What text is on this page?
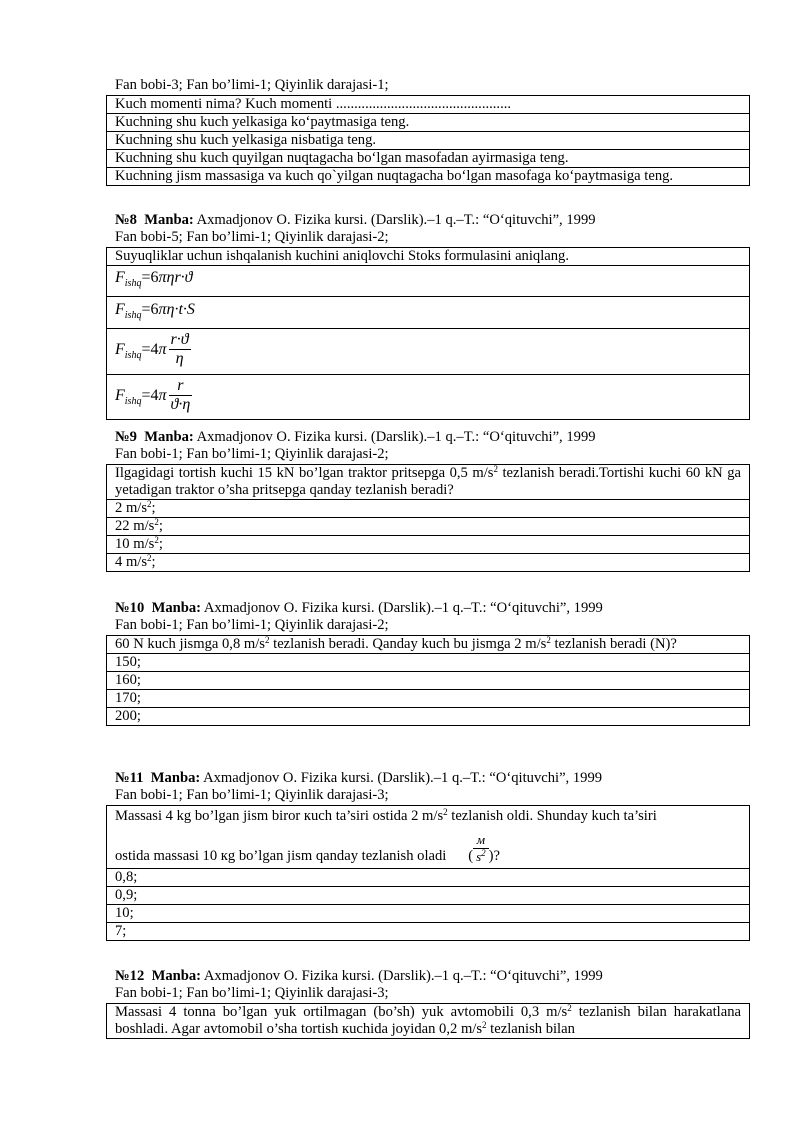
Fan bobi-3; Fan bo’limi-1; Qiyinlik darajasi-1;
Kuch momenti nima? Kuch momenti ................................................
Kuchning shu kuch yelkasiga ko‘paytmasiga teng.
Kuchning shu kuch yelkasiga nisbatiga teng.
Kuchning shu kuch quyilgan nuqtagacha bo‘lgan masofadan ayirmasiga teng.
Kuchning jism massasiga va kuch qo`yilgan nuqtagacha bo‘lgan masofaga ko‘paytmasiga teng.
№8 Manba: Axmadjonov O. Fizika kursi. (Darslik).–1 q.–T.: “O‘qituvchi”, 1999
Fan bobi-5; Fan bo’limi-1; Qiyinlik darajasi-2;
Suyuqliklar uchun ishqalanish kuchini aniqlovchi Stoks formulasini aniqlang.
$F_{ishq}=6\pi\eta r\cdot ϑ$
$F_{ishq}=6\pi\eta\cdot t\cdot S$
$F_{ishq}=4\pi \frac{r\cdot ϑ}{\eta}$

$F_{ishq}=4\pi \frac{r}{ϑ\cdot\eta}$
№9 Manba: Axmadjonov O. Fizika kursi. (Darslik).–1 q.–T.: “O‘qituvchi”, 1999
Fan bobi-1; Fan bo’limi-1; Qiyinlik darajasi-2;
Ilgagidagi tortish kuchi 15 kN bo’lgan traktor pritsepga 0,5 $m/s^2$ tezlanish beradi.Tortishi kuchi 60 kN ga yetadigan traktor o’sha pritsepga qanday tezlanish beradi?
2 $m/s^2$;
22 $m/s^2$;
10 $m/s^2$;
4 $m/s^2$;
№10 Manba: Axmadjonov O. Fizika kursi. (Darslik).–1 q.–T.: “O‘qituvchi”, 1999
Fan bobi-1; Fan bo’limi-1; Qiyinlik darajasi-2;
60 N kuch jismga 0,8 $m/s^2$ tezlanish beradi. Qanday kuch bu jismga 2 $m/s^2$ tezlanish beradi (N)?
150;
160;
170;
200;
№11 Manba: Axmadjonov O. Fizika kursi. (Darslik).–1 q.–T.: “O‘qituvchi”, 1999
Fan bobi-1; Fan bo’limi-1; Qiyinlik darajasi-3;
Massasi 4 kg bo’lgan jism biror кuch ta’siri ostida 2 $m/s^2$ tezlanish oldi. Shunday kuch ta’siri
ostida massasi 10 кg bo’lgan jism qanday tezlanish oladi ( $\frac{м}{s^2}$ )?

0,8;
0,9;
10;
7;
№12 Manba: Axmadjonov O. Fizika kursi. (Darslik).–1 q.–T.: “O‘qituvchi”, 1999
Fan bobi-1; Fan bo’limi-1; Qiyinlik darajasi-3;
Massasi 4 tonna bo’lgan yuk ortilmagan (bo’sh) yuk avtomobili 0,3 $m/s^2$ tezlanish bilan harakatlana boshladi. Agar avtomobil o’sha tortish кuchida joyidan 0,2 $m/s^2$ tezlanish bilan
